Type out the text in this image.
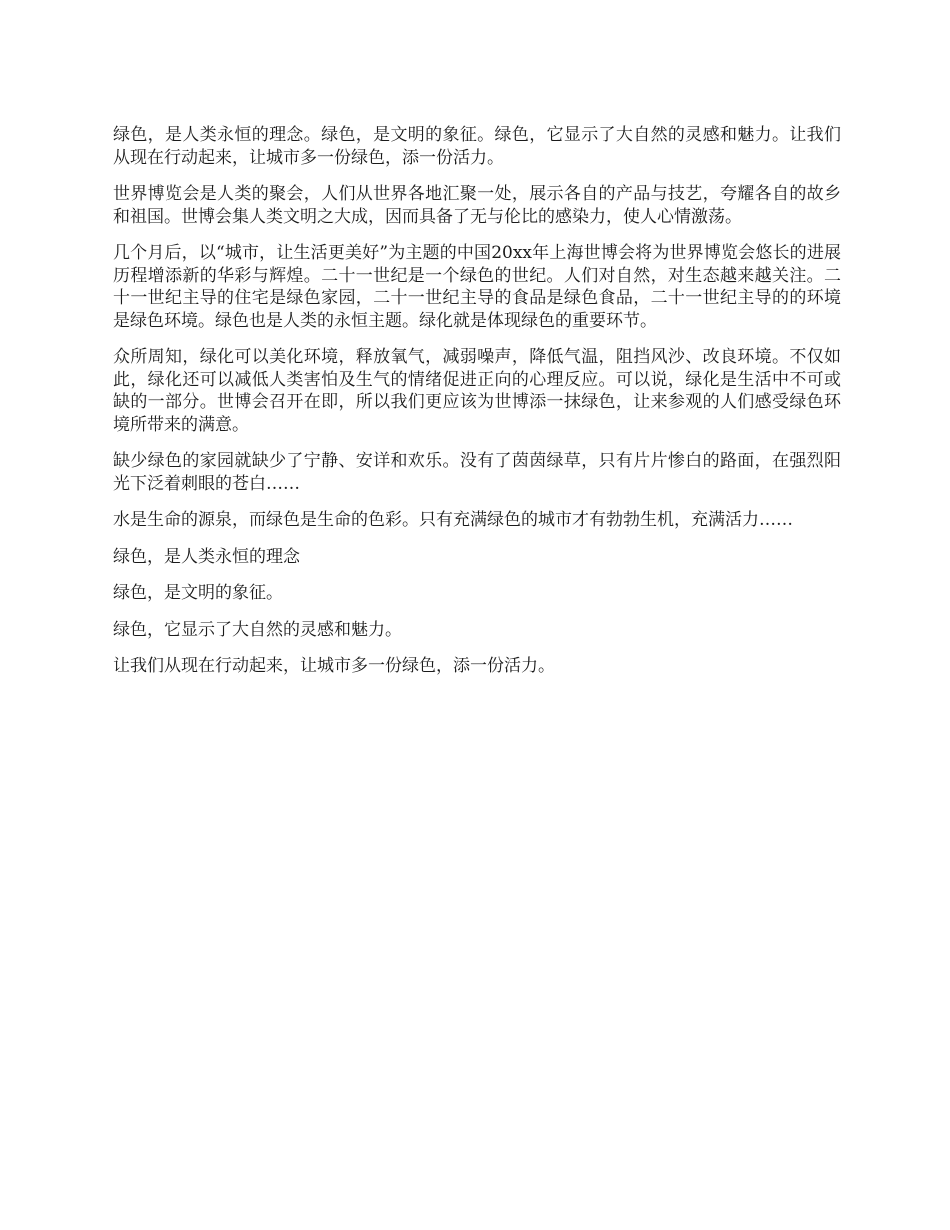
绿色，是人类永恒的理念。绿色，是文明的象征。绿色，它显示了大自然的灵感和魅力。让我们从现在行动起来，让城市多一份绿色，添一份活力。

世界博览会是人类的聚会，人们从世界各地汇聚一处，展示各自的产品与技艺，夸耀各自的故乡和祖国。世博会集人类文明之大成，因而具备了无与伦比的感染力，使人心情激荡。

几个月后，以“城市，让生活更美好”为主题的中国20xx年上海世博会将为世界博览会悠长的进展历程增添新的华彩与辉煌。二十一世纪是一个绿色的世纪。人们对自然，对生态越来越关注。二十一世纪主导的住宅是绿色家园，二十一世纪主导的食品是绿色食品，二十一世纪主导的的环境是绿色环境。绿色也是人类的永恒主题。绿化就是体现绿色的重要环节。

众所周知，绿化可以美化环境，释放氧气，减弱噪声，降低气温，阻挡风沙、改良环境。不仅如此，绿化还可以减低人类害怕及生气的情绪促进正向的心理反应。可以说，绿化是生活中不可或缺的一部分。世博会召开在即，所以我们更应该为世博添一抹绿色，让来参观的人们感受绿色环境所带来的满意。

缺少绿色的家园就缺少了宁静、安详和欢乐。没有了茵茵绿草，只有片片惨白的路面，在强烈阳光下泛着刺眼的苍白……

水是生命的源泉，而绿色是生命的色彩。只有充满绿色的城市才有勃勃生机，充满活力……

绿色，是人类永恒的理念

绿色，是文明的象征。

绿色，它显示了大自然的灵感和魅力。

让我们从现在行动起来，让城市多一份绿色，添一份活力。
